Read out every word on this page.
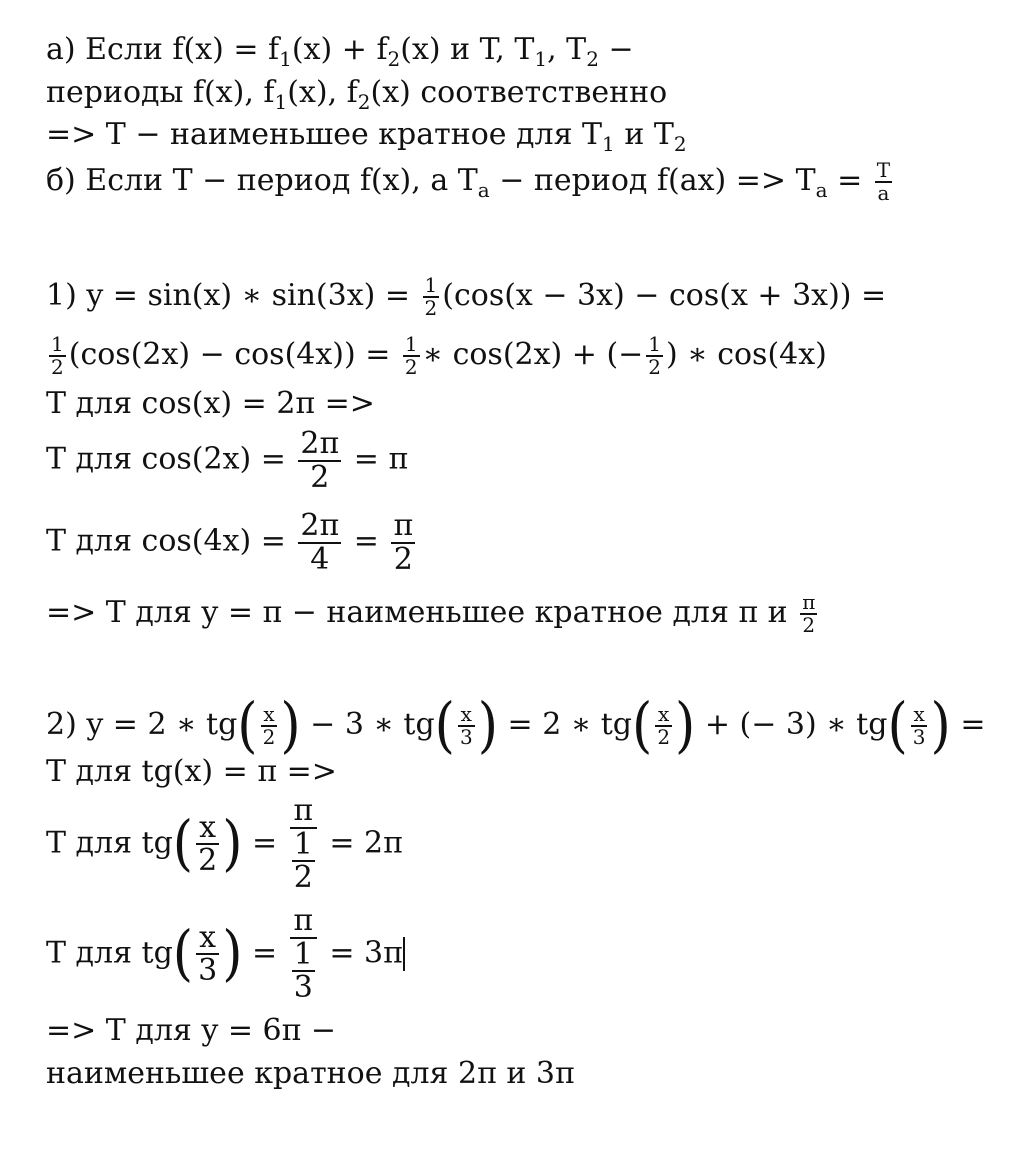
а) Если $f(x) = f_1(x) + f_2(x)$ и T, $T_1$, $T_2$ −
периоды f(x), $f_1(x)$, $f_2(x)$ соответственно
=> T − наименьшее кратное для $T_1$ и $T_2$
б) Если T − период f(x), а $T_a$ − период $f(ax) => T_a = \frac{T}{a}$
1) y = sin(x) ∗ $\sin(3x) = \frac{1}{2} (\cos(x - 3x) - \cos(x + 3x))$ =
$\frac{1}{2} (\cos(2x) - \cos(4x)) = \frac{1}{2}$ ∗ cos(2x) + (− $\frac{1}{2}$ ) ∗ cos(4x)
T для cos(x) = 2π =>
T для $\cos(2x) = \frac{2\pi}{2} = \pi$
T для $\cos(4x) = \frac{2\pi}{4} = \frac{\pi}{2}$
=> T для y = π − наименьшее кратное для π и $\frac{\pi}{2}$
2) y = 2 ∗ $tg( \frac{x}{2}$ ) − 3 ∗ $tg( \frac{x}{3}$ ) = 2 ∗ $tg( \frac{x}{2}$ ) + (− 3) ∗ $tg( \frac{x}{3}$ ) =
T для tg(x) = π =>
T для $tg( \frac{x}{2}$ ) = π
1
2 = 2π
T для $tg( \frac{x}{3}$ ) = π
1
3 = 3π
=> T для y = 6π −
наименьшее кратное для 2π и 3π
